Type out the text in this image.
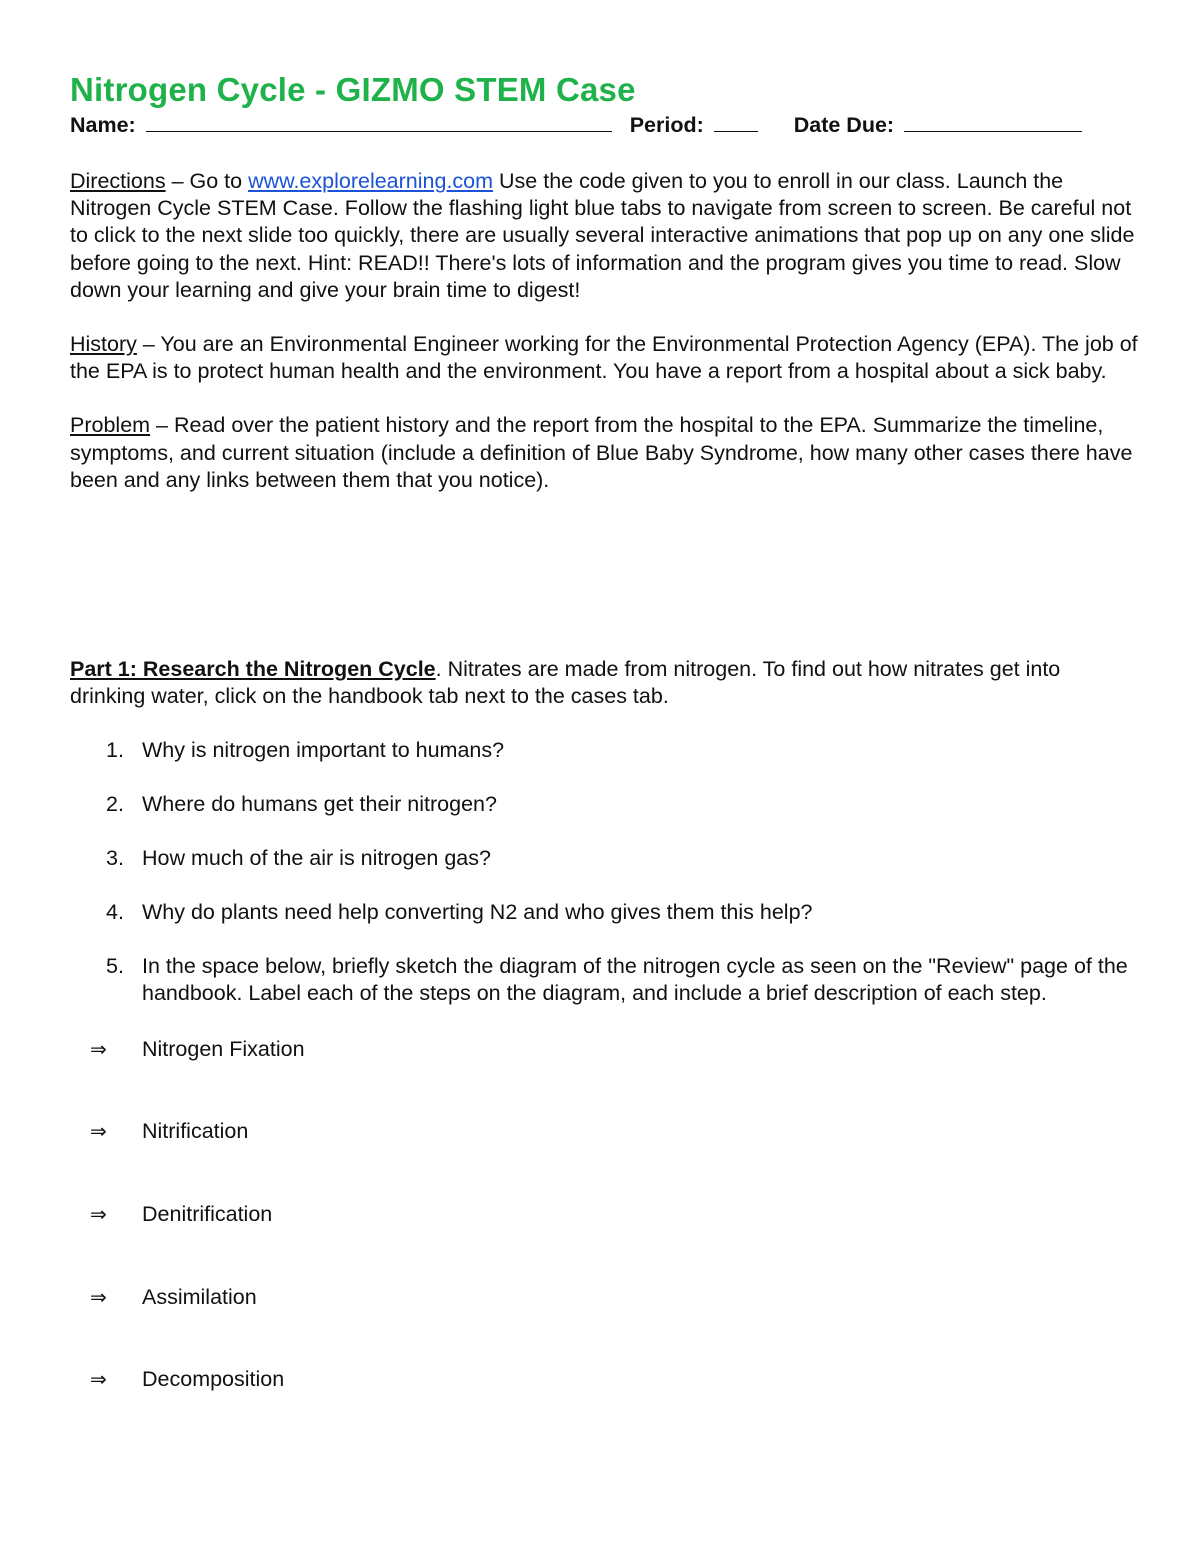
Nitrogen Cycle - GIZMO STEM Case
Name:	Period:	Date Due:

Directions – Go to www.explorelearning.com Use the code given to you to enroll in our class. Launch the Nitrogen Cycle STEM Case. Follow the flashing light blue tabs to navigate from screen to screen. Be careful not to click to the next slide too quickly, there are usually several interactive animations that pop up on any one slide before going to the next. Hint: READ!! There's lots of information and the program gives you time to read. Slow down your learning and give your brain time to digest!

History – You are an Environmental Engineer working for the Environmental Protection Agency (EPA). The job of the EPA is to protect human health and the environment. You have a report from a hospital about a sick baby.

Problem – Read over the patient history and the report from the hospital to the EPA. Summarize the timeline, symptoms, and current situation (include a definition of Blue Baby Syndrome, how many other cases there have been and any links between them that you notice).

Part 1: Research the Nitrogen Cycle. Nitrates are made from nitrogen. To find out how nitrates get into drinking water, click on the handbook tab next to the cases tab.

1. Why is nitrogen important to humans?
2. Where do humans get their nitrogen?
3. How much of the air is nitrogen gas?
4. Why do plants need help converting N2 and who gives them this help?
5. In the space below, briefly sketch the diagram of the nitrogen cycle as seen on the "Review" page of the handbook. Label each of the steps on the diagram, and include a brief description of each step.
⇒ Nitrogen Fixation
⇒ Nitrification
⇒ Denitrification
⇒ Assimilation
⇒ Decomposition
